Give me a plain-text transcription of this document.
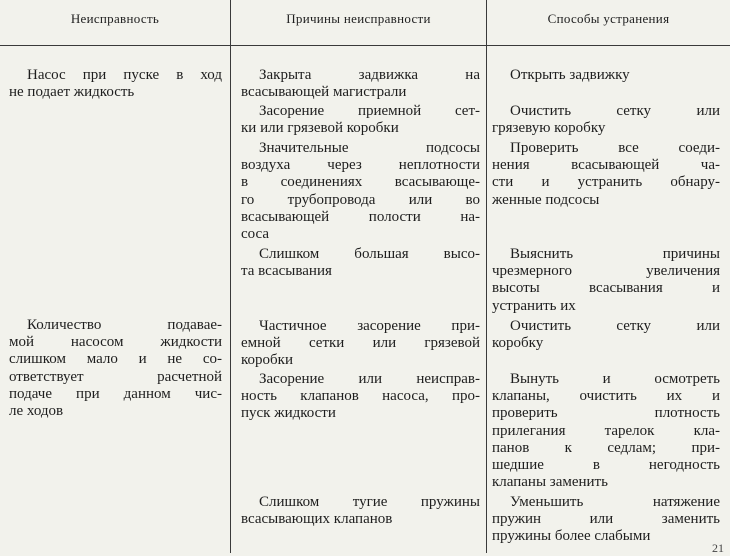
Неисправность	Причины неисправности	Способы устранения
Насос при пуске в ход
не подает жидкость
Количество подавае-
мой насосом жидкости
слишком мало и не со-
ответствует расчетной
подаче при данном чис-
ле ходов
Закрыта задвижка на
всасывающей магистрали
Засорение приемной сет-
ки или грязевой коробки
Значительные подсосы
воздуха через неплотности
в соединениях всасывающе-
го трубопровода или во
всасывающей полости на-
соса
Слишком большая высо-
та всасывания
Частичное засорение при-
емной сетки или грязевой
коробки
Засорение или неисправ-
ность клапанов насоса, про-
пуск жидкости
Слишком тугие пружины
всасывающих клапанов
Открыть задвижку
Очистить сетку или
грязевую коробку
Проверить все соеди-
нения всасывающей ча-
сти и устранить обнару-
женные подсосы
Выяснить причины
чрезмерного увеличения
высоты всасывания и
устранить их
Очистить сетку или
коробку
Вынуть и осмотреть
клапаны, очистить их и
проверить плотность
прилегания тарелок кла-
панов к седлам; при-
шедшие в негодность
клапаны заменить
Уменьшить натяжение
пружин или заменить
пружины более слабыми
21
